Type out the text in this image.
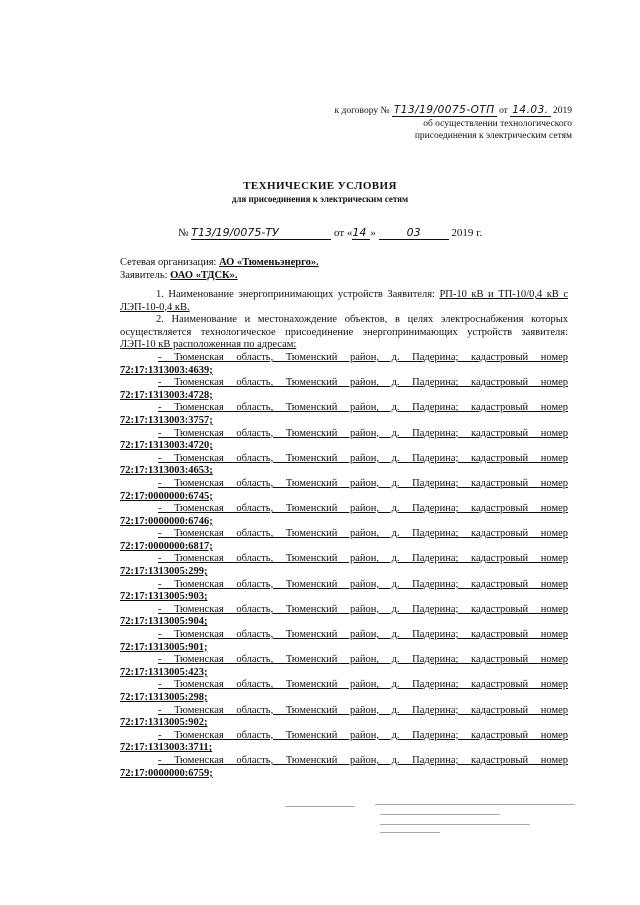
к договору № Т13/19/0075-ОТП от 14.03. 2019
об осуществлении технологического
присоединения к электрическим сетям
ТЕХНИЧЕСКИЕ УСЛОВИЯ
для присоединения к электрическим сетям
№ Т13/19/0075-ТУ	от «14 »	03	2019 г.
Сетевая организация: АО «Тюменьэнерго».
Заявитель: ОАО «ТДСК».

1. Наименование энергопринимающих устройств Заявителя: РП-10 кВ и ТП-10/0,4 кВ с ЛЭП-10-0,4 кВ.

2. Наименование и местонахождение объектов, в целях электроснабжения которых осуществляется технологическое присоединение энергопринимающих устройств заявителя: ЛЭП-10 кВ расположенная по адресам:

- Тюменская область, Тюменский район, д. Падерина; кадастровый номер
72:17:1313003:4639;
- Тюменская область, Тюменский район, д. Падерина; кадастровый номер
72:17:1313003:4728;
- Тюменская область, Тюменский район, д. Падерина; кадастровый номер
72:17:1313003:3757;
- Тюменская область, Тюменский район, д. Падерина; кадастровый номер
72:17:1313003:4720;
- Тюменская область, Тюменский район, д. Падерина; кадастровый номер
72:17:1313003:4653;
- Тюменская область, Тюменский район, д. Падерина; кадастровый номер
72:17:0000000:6745;
- Тюменская область, Тюменский район, д. Падерина; кадастровый номер
72:17:0000000:6746;
- Тюменская область, Тюменский район, д. Падерина; кадастровый номер
72:17:0000000:6817;
- Тюменская область, Тюменский район, д. Падерина; кадастровый номер
72:17:1313005:299;
- Тюменская область, Тюменский район, д. Падерина; кадастровый номер
72:17:1313005:903;
- Тюменская область, Тюменский район, д. Падерина; кадастровый номер
72:17:1313005:904;
- Тюменская область, Тюменский район, д. Падерина; кадастровый номер
72:17:1313005:901;
- Тюменская область, Тюменский район, д. Падерина; кадастровый номер
72:17:1313005:423;
- Тюменская область, Тюменский район, д. Падерина; кадастровый номер
72:17:1313005:298;
- Тюменская область, Тюменский район, д. Падерина; кадастровый номер
72:17:1313005:902;
- Тюменская область, Тюменский район, д. Падерина; кадастровый номер
72:17:1313003:3711;
- Тюменская область, Тюменский район, д. Падерина; кадастровый номер
72:17:0000000:6759;
